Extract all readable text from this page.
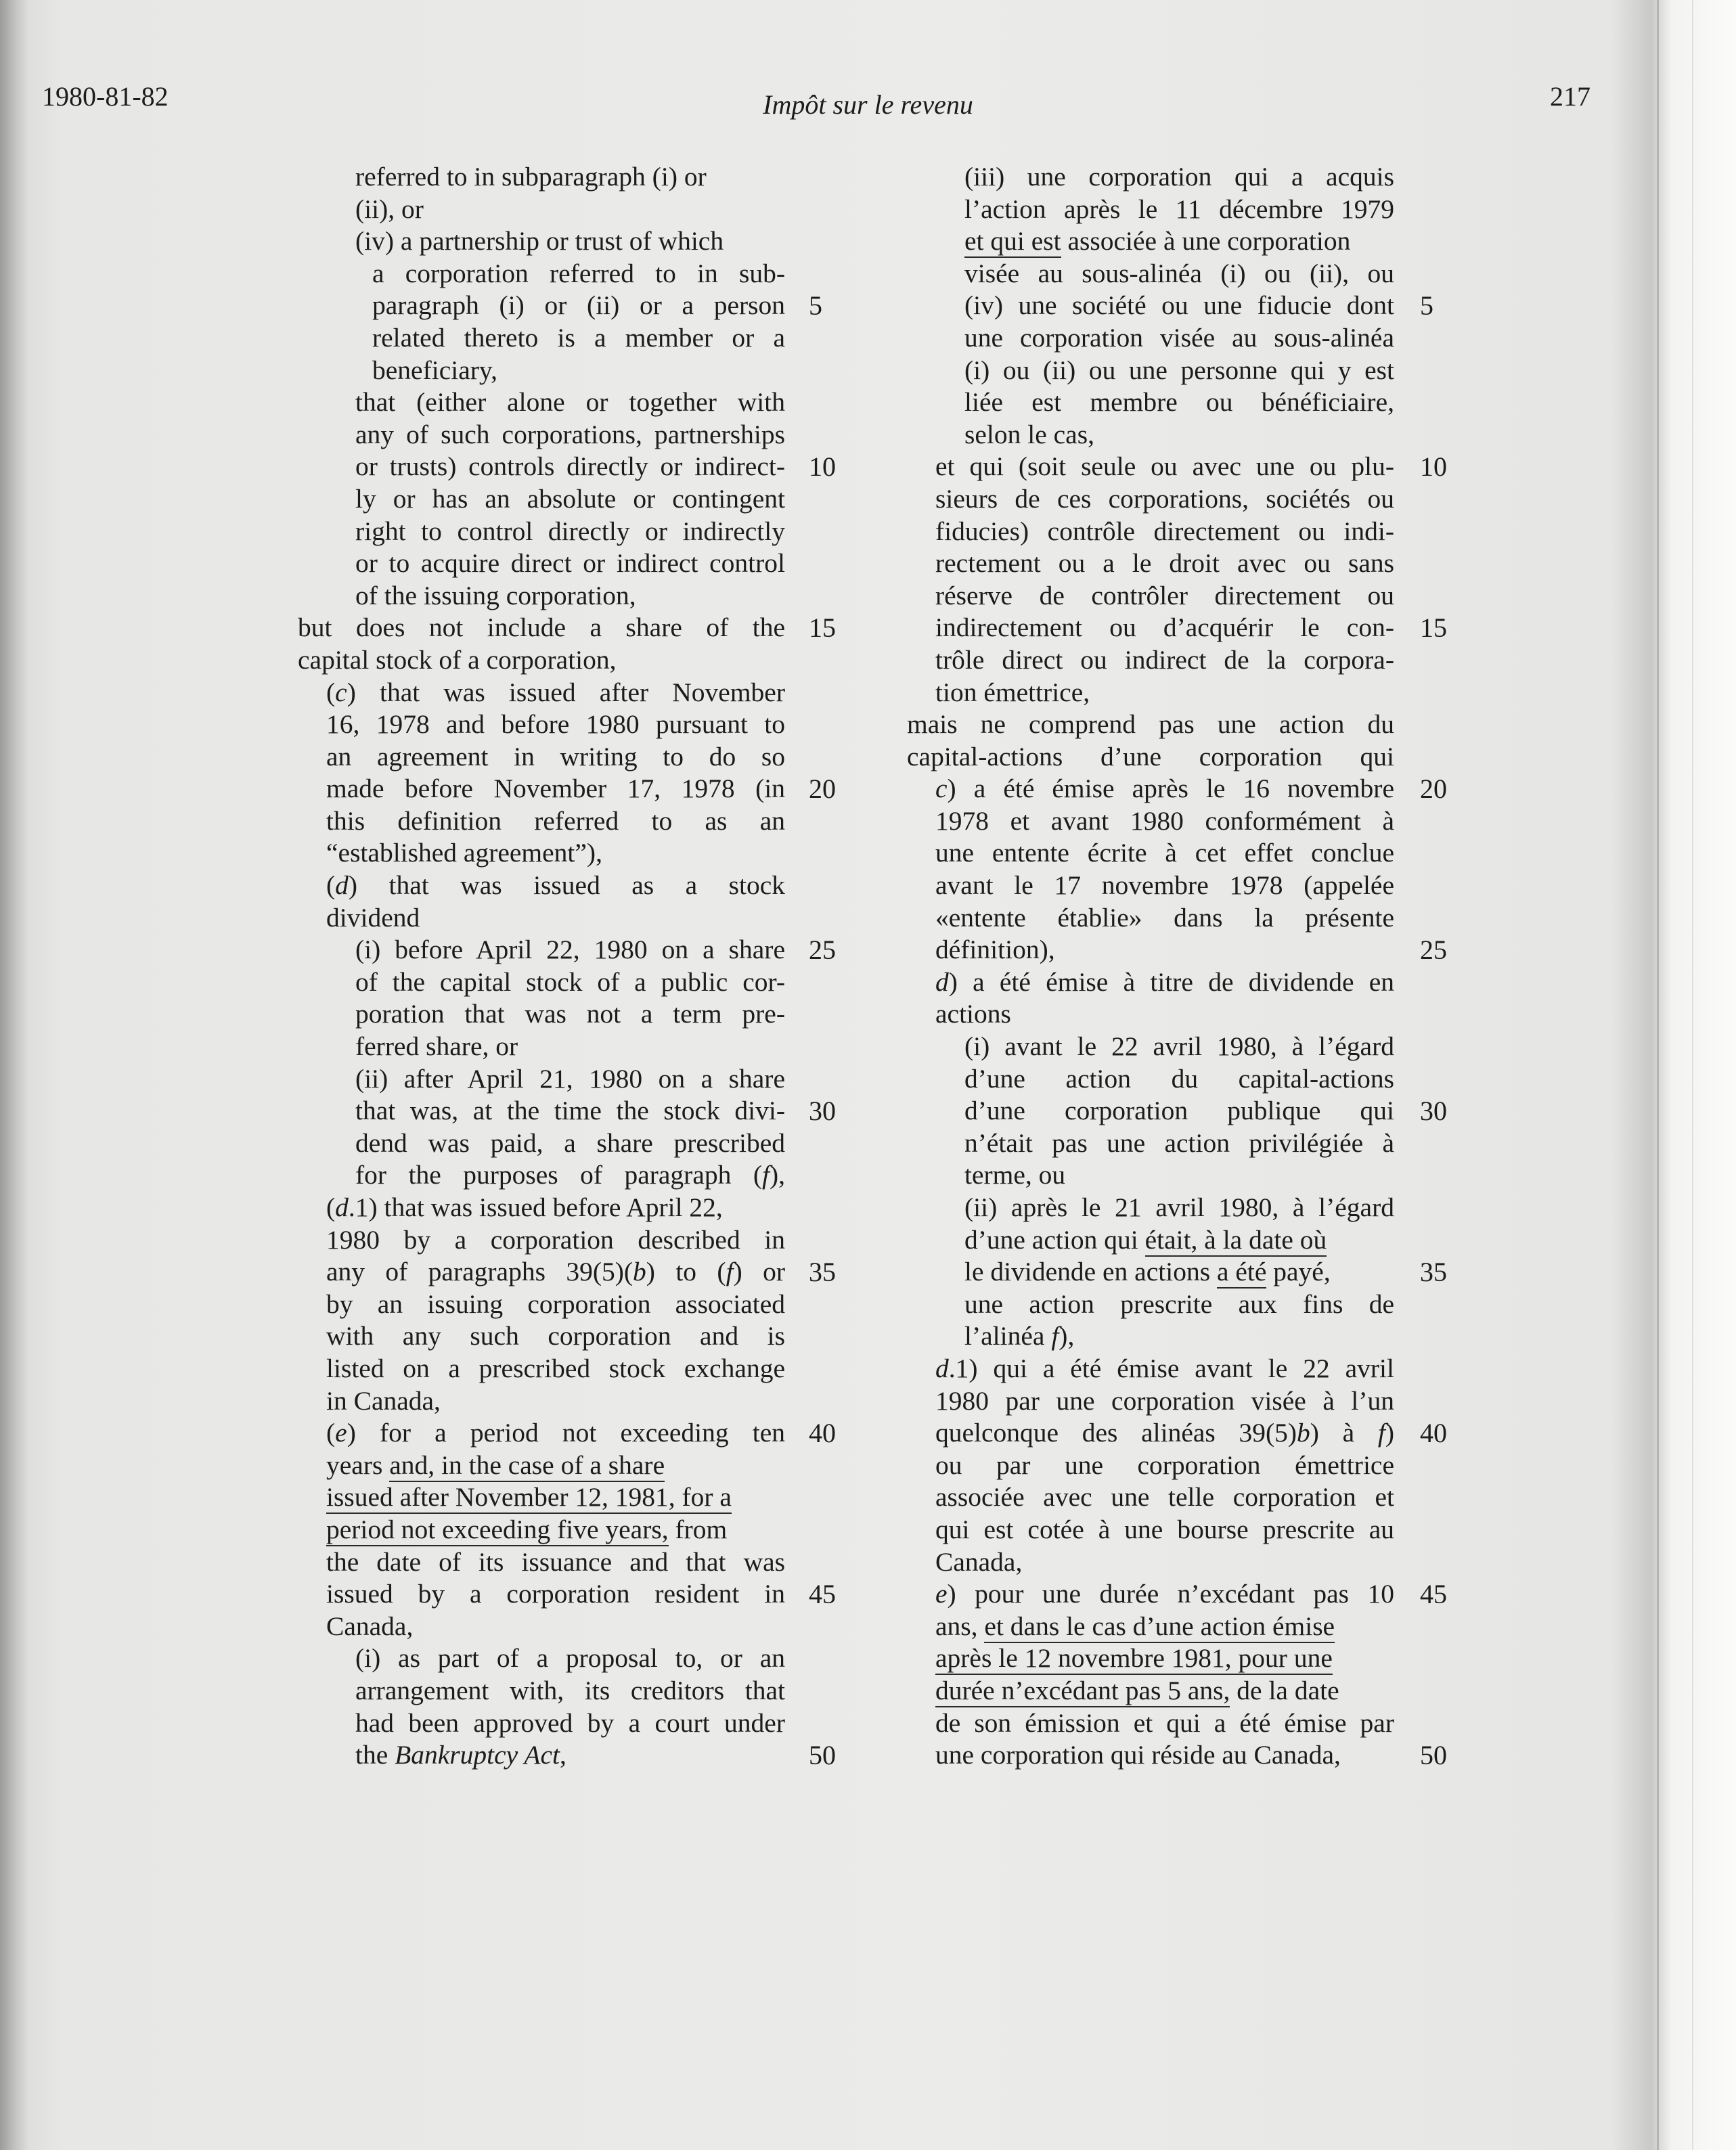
1980-81-82	Impôt sur le revenu	217
referred to in subparagraph (i) or
(ii), or
(iv) a partnership or trust of which
a corporation referred to in sub-
paragraph (i) or (ii) or a person 5
related thereto is a member or a
beneficiary,
that (either alone or together with
any of such corporations, partnerships
or trusts) controls directly or indirect- 10
ly or has an absolute or contingent
right to control directly or indirectly
or to acquire direct or indirect control
of the issuing corporation,
but does not include a share of the 15
capital stock of a corporation,
(c) that was issued after November
16, 1978 and before 1980 pursuant to
an agreement in writing to do so
made before November 17, 1978 (in 20
this definition referred to as an
“established agreement”),
(d) that was issued as a stock
dividend
(i) before April 22, 1980 on a share 25
of the capital stock of a public cor-
poration that was not a term pre-
ferred share, or
(ii) after April 21, 1980 on a share
that was, at the time the stock divi- 30
dend was paid, a share prescribed
for the purposes of paragraph (f),
(d.1) that was issued before April 22,
1980 by a corporation described in
any of paragraphs 39(5)(b) to (f) or 35
by an issuing corporation associated
with any such corporation and is
listed on a prescribed stock exchange
in Canada,
(e) for a period not exceeding ten 40
years and, in the case of a share
issued after November 12, 1981, for a
period not exceeding five years, from
the date of its issuance and that was
issued by a corporation resident in 45
Canada,
(i) as part of a proposal to, or an
arrangement with, its creditors that
had been approved by a court under
the Bankruptcy Act,	50
(iii) une corporation qui a acquis
l’action après le 11 décembre 1979
et qui est associée à une corporation
visée au sous-alinéa (i) ou (ii), ou
(iv) une société ou une fiducie dont 5
une corporation visée au sous-alinéa
(i) ou (ii) ou une personne qui y est
liée est membre ou bénéficiaire,
selon le cas,
et qui (soit seule ou avec une ou plu- 10
sieurs de ces corporations, sociétés ou
fiducies) contrôle directement ou indi-
rectement ou a le droit avec ou sans
réserve de contrôler directement ou
indirectement ou d’acquérir le con- 15
trôle direct ou indirect de la corpora-
tion émettrice,
mais ne comprend pas une action du
capital-actions d’une corporation qui
c) a été émise après le 16 novembre 20
1978 et avant 1980 conformément à
une entente écrite à cet effet conclue
avant le 17 novembre 1978 (appelée
«entente établie» dans la présente
définition),	25
d) a été émise à titre de dividende en
actions
(i) avant le 22 avril 1980, à l’égard
d’une action du capital-actions
d’une corporation publique qui 30
n’était pas une action privilégiée à
terme, ou
(ii) après le 21 avril 1980, à l’égard
d’une action qui était, à la date où
le dividende en actions a été payé,	35
une action prescrite aux fins de
l’alinéa f),
d.1) qui a été émise avant le 22 avril
1980 par une corporation visée à l’un
quelconque des alinéas 39(5)b) à f) 40
ou par une corporation émettrice
associée avec une telle corporation et
qui est cotée à une bourse prescrite au
Canada,
e) pour une durée n’excédant pas 10 45
ans, et dans le cas d’une action émise
après le 12 novembre 1981, pour une
durée n’excédant pas 5 ans, de la date
de son émission et qui a été émise par
une corporation qui réside au Canada,	50
